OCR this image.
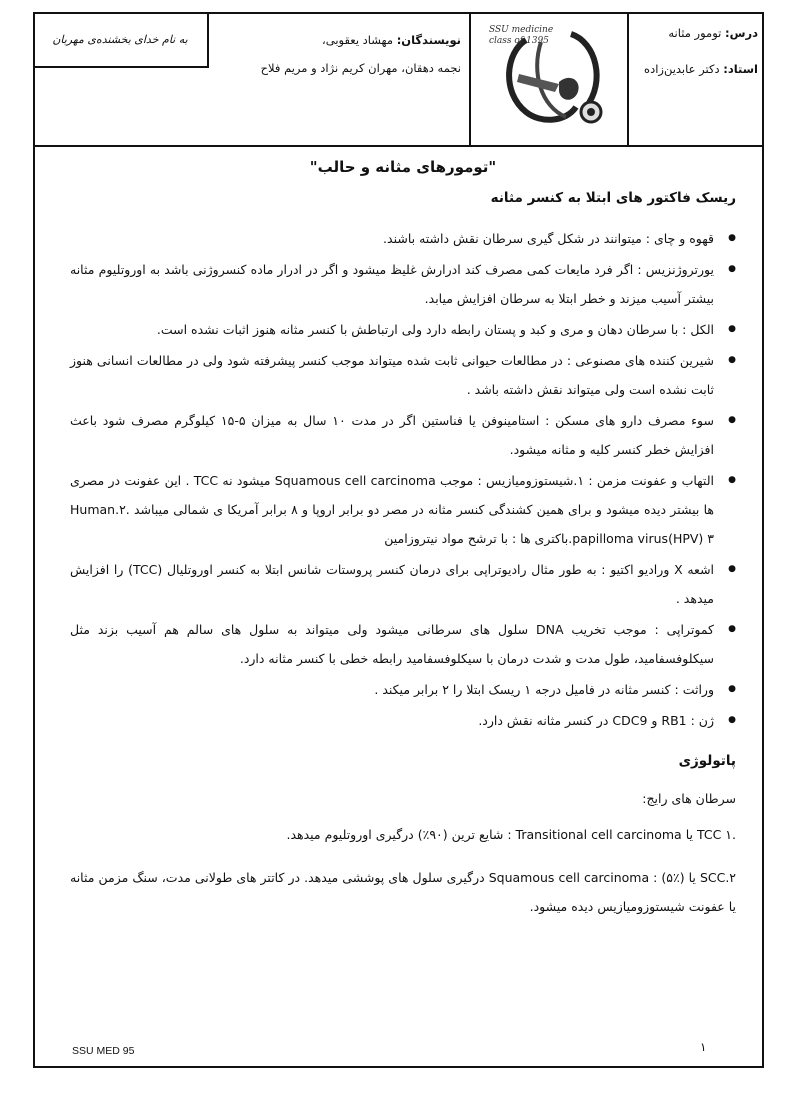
درس: تومور مثانه
استاد: دکتر عابدین‌زاده
SSU medicine
class of 1395
نویسندگان: مهشاد یعقوبی،
نجمه دهقان، مهران کریم نژاد و مریم فلاح
به نام خدای بخشنده‌ی مهربان
"تومورهای مثانه و حالب"
ریسک فاکتور های ابتلا به کنسر مثانه
● قهوه و چای : میتوانند در شکل گیری سرطان نقش داشته باشند.
● یورتروژنزیس : اگر فرد مایعات کمی مصرف کند ادرارش غلیظ میشود و اگر در ادرار ماده کنسروژنی باشد به اوروتلیوم مثانه بیشتر آسیب میزند و خطر ابتلا به سرطان افزایش میابد.
● الکل : با سرطان دهان و مری و کبد و پستان رابطه دارد ولی ارتباطش با کنسر مثانه هنوز اثبات نشده است.
● شیرین کننده های مصنوعی : در مطالعات حیوانی ثابت شده میتواند موجب کنسر پیشرفته شود ولی در مطالعات انسانی هنوز ثابت نشده است ولی میتواند نقش داشته باشد .
● سوء مصرف دارو های مسکن : استامینوفن یا فناستین اگر در مدت ۱۰ سال به میزان ۵-۱۵ کیلوگرم مصرف شود باعث افزایش خطر کنسر کلیه و مثانه میشود.
● التهاب و عفونت مزمن : ۱.شیستوزومیازیس : موجب Squamous cell carcinoma میشود نه TCC . این عفونت در مصری ها بیشتر دیده میشود و برای همین کشندگی کنسر مثانه در مصر دو برابر اروپا و ۸ برابر آمریکا ی شمالی میباشد .۲.Human papilloma virus(HPV) ۳.باکتری ها : با ترشح مواد نیتروزامین
● اشعه X ورادیو اکتیو : به طور مثال رادیوتراپی برای درمان کنسر پروستات شانس ابتلا به کنسر اوروتلیال (TCC) را افزایش میدهد .
● کموتراپی : موجب تخریب DNA سلول های سرطانی میشود ولی میتواند به سلول های سالم هم آسیب بزند مثل سیکلوفسفامید، طول مدت و شدت درمان با سیکلوفسفامید رابطه خطی با کنسر مثانه دارد.
● وراثت : کنسر مثانه در فامیل درجه ۱ ریسک ابتلا را ۲ برابر میکند .
● ژن : RB1 و CDC9 در کنسر مثانه نقش دارد.
پاتولوژی
سرطان های رایج:
.۱ TCC یا Transitional cell carcinoma : شایع ترین (۹۰٪) درگیری اوروتلیوم میدهد.
SCC.۲ یا Squamous cell carcinoma : (۵٪) درگیری سلول های پوششی میدهد. در کاتتر های طولانی مدت، سنگ مزمن مثانه یا عفونت شیستوزومیازیس دیده میشود.
SSU MED 95	۱
